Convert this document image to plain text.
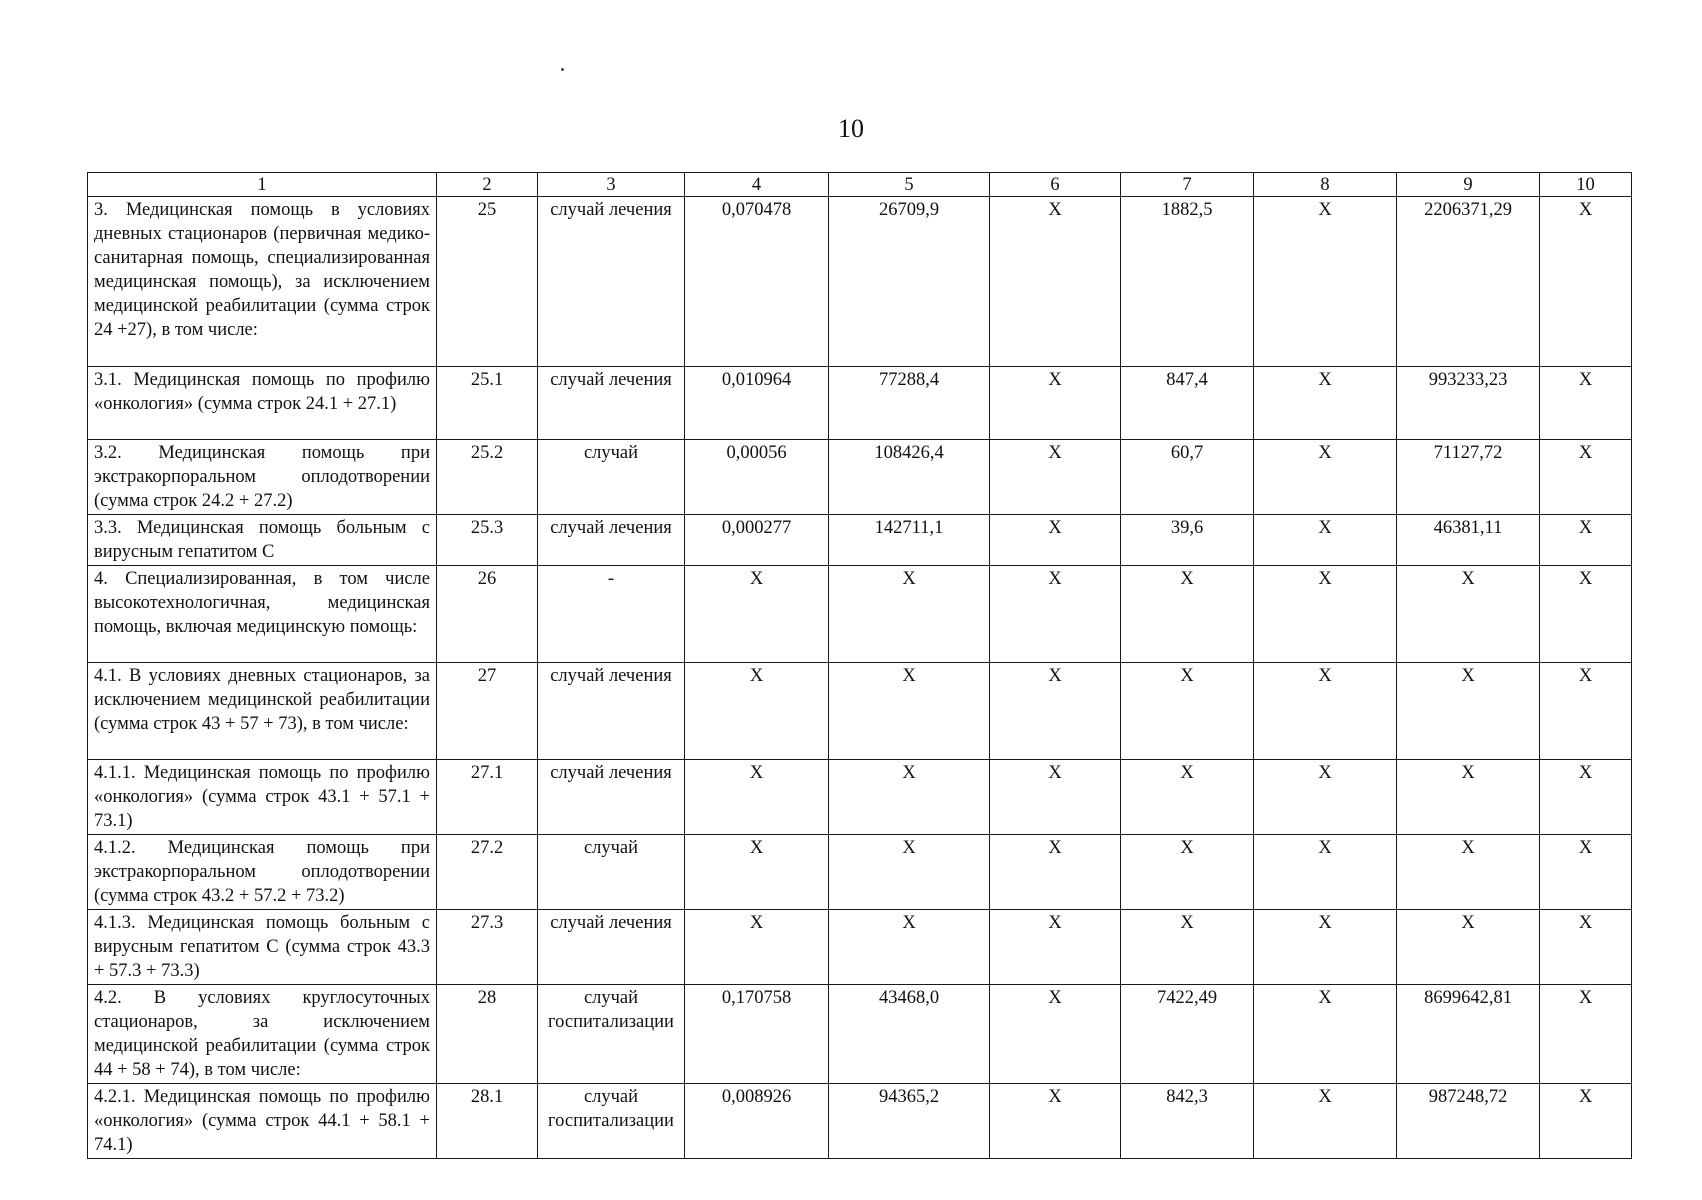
10
1	2	3	4	5	6	7	8	9	10
3. Медицинская помощь в условиях дневных стационаров (первичная медико-санитарная помощь, специализированная медицинская помощь), за исключением медицинской реабилитации (сумма строк 24 +27), в том числе:	25	случай лечения	0,070478	26709,9	Х	1882,5	Х	2206371,29	Х
3.1. Медицинская помощь по профилю «онкология» (сумма строк 24.1 + 27.1)	25.1	случай лечения	0,010964	77288,4	Х	847,4	Х	993233,23	Х
3.2. Медицинская помощь при экстракорпоральном оплодотворении (сумма строк 24.2 + 27.2)	25.2	случай	0,00056	108426,4	Х	60,7	Х	71127,72	Х
3.3. Медицинская помощь больным с вирусным гепатитом С	25.3	случай лечения	0,000277	142711,1	Х	39,6	Х	46381,11	Х
4. Специализированная, в том числе высокотехнологичная, медицинская помощь, включая медицинскую помощь:	26	-	Х	Х	Х	Х	Х	Х	Х
4.1. В условиях дневных стационаров, за исключением медицинской реабилитации (сумма строк 43 + 57 + 73), в том числе:	27	случай лечения	Х	Х	Х	Х	Х	Х	Х
4.1.1. Медицинская помощь по профилю «онкология» (сумма строк 43.1 + 57.1 + 73.1)	27.1	случай лечения	Х	Х	Х	Х	Х	Х	Х
4.1.2. Медицинская помощь при экстракорпоральном оплодотворении (сумма строк 43.2 + 57.2 + 73.2)	27.2	случай	Х	Х	Х	Х	Х	Х	Х
4.1.3. Медицинская помощь больным с вирусным гепатитом С (сумма строк 43.3 + 57.3 + 73.3)	27.3	случай лечения	Х	Х	Х	Х	Х	Х	Х
4.2. В условиях круглосуточных стационаров, за исключением медицинской реабилитации (сумма строк 44 + 58 + 74), в том числе:	28	случай госпитализации	0,170758	43468,0	Х	7422,49	Х	8699642,81	Х
4.2.1. Медицинская помощь по профилю «онкология» (сумма строк 44.1 + 58.1 + 74.1)	28.1	случай госпитализации	0,008926	94365,2	Х	842,3	Х	987248,72	Х
